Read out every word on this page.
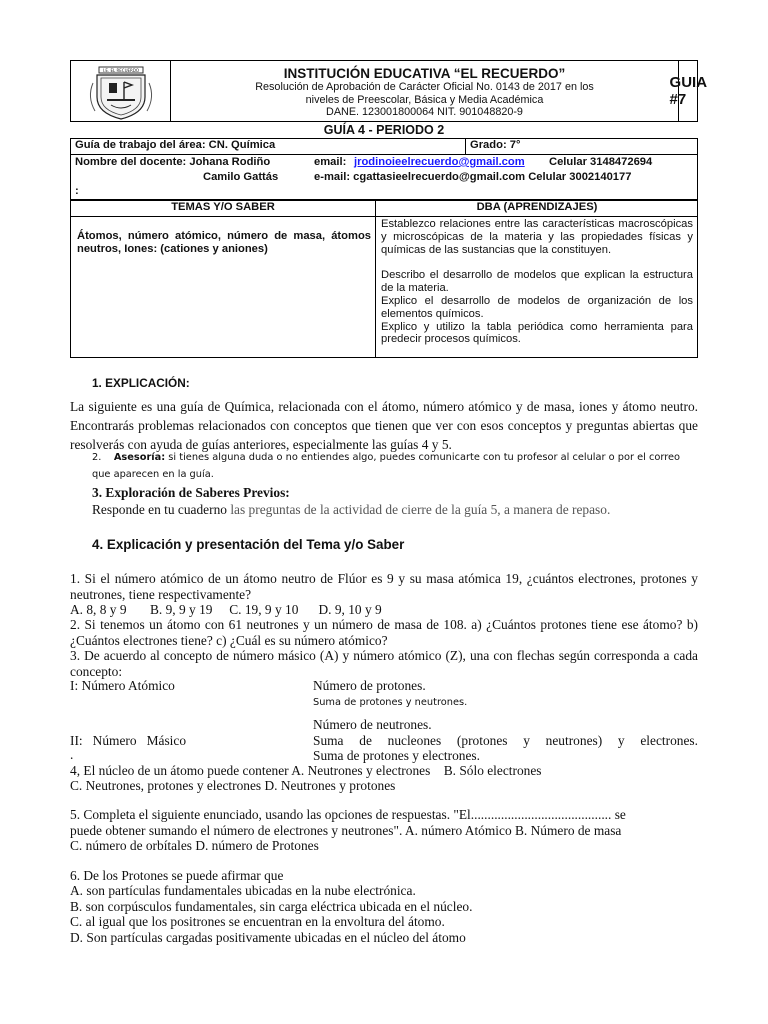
I.E. EL RECUERDO	INSTITUCIÓN EDUCATIVA “EL RECUERDO”
Resolución de Aprobación de Carácter Oficial No. 0143 de 2017 en los
niveles de Preescolar, Básica y Media Académica
DANE. 123001800064 NIT. 901048820-9
GUIA #7
GUÍA 4 - PERIODO 2
Guía de trabajo del área: CN. Química	Grado: 7°
Nombre del docente: Johana Rodiño	email: jrodinoieelrecuerdo@gmail.com Celular 3148472694
Camilo Gattás	e-mail: cgattasieelrecuerdo@gmail.com Celular 3002140177
:
TEMAS Y/O SABER	DBA (APRENDIZAJES)
Átomos, número atómico, número de masa, átomos neutros, Iones: (cationes y aniones)

Establezco relaciones entre las características macroscópicas y microscópicas de la materia y las propiedades físicas y químicas de las sustancias que la constituyen.

Describo el desarrollo de modelos que explican la estructura de la materia.

Explico el desarrollo de modelos de organización de los elementos químicos.

Explico y utilizo la tabla periódica como herramienta para predecir procesos químicos.

1. EXPLICACIÓN:
La siguiente es una guía de Química, relacionada con el átomo, número atómico y de masa, iones y átomo neutro. Encontrarás problemas relacionados con conceptos que tienen que ver con esos conceptos y preguntas abiertas que resolverás con ayuda de guías anteriores, especialmente las guías 4 y 5.
2. Asesoría: si tienes alguna duda o no entiendes algo, puedes comunicarte con tu profesor al celular o por el correo que aparecen en la guía.
3. Exploración de Saberes Previos:
Responde en tu cuaderno las preguntas de la actividad de cierre de la guía 5, a manera de repaso.
4. Explicación y presentación del Tema y/o Saber
1. Si el número atómico de un átomo neutro de Flúor es 9 y su masa atómica 19, ¿cuántos electrones, protones y neutrones, tiene respectivamente?
A. 8, 8 y 9       B. 9, 9 y 19     C. 19, 9 y 10      D. 9, 10 y 9
2. Si tenemos un átomo con 61 neutrones y un número de masa de 108. a) ¿Cuántos protones tiene ese átomo? b) ¿Cuántos electrones tiene? c) ¿Cuál es su número atómico?
3. De acuerdo al concepto de número másico (A) y número atómico (Z), una con flechas según corresponda a cada concepto:
I: Número Atómico	Número de protones.
Suma de protones y neutrones.
Número de neutrones.
II:   Número   Másico	Suma de nucleones (protones y neutrones) y electrones.
.	Suma de protones y electrones.
4, El núcleo de un átomo puede contener A. Neutrones y electrones    B. Sólo electrones
C. Neutrones, protones y electrones D. Neutrones y protones
5. Completa el siguiente enunciado, usando las opciones de respuestas. "El.......................................... se
puede obtener sumando el número de electrones y neutrones". A. número Atómico B. Número de masa
C. número de orbítales D. número de Protones
6. De los Protones se puede afirmar que
A. son partículas fundamentales ubicadas en la nube electrónica.
B. son corpúsculos fundamentales, sin carga eléctrica ubicada en el núcleo.
C. al igual que los positrones se encuentran en la envoltura del átomo.
D. Son partículas cargadas positivamente ubicadas en el núcleo del átomo
